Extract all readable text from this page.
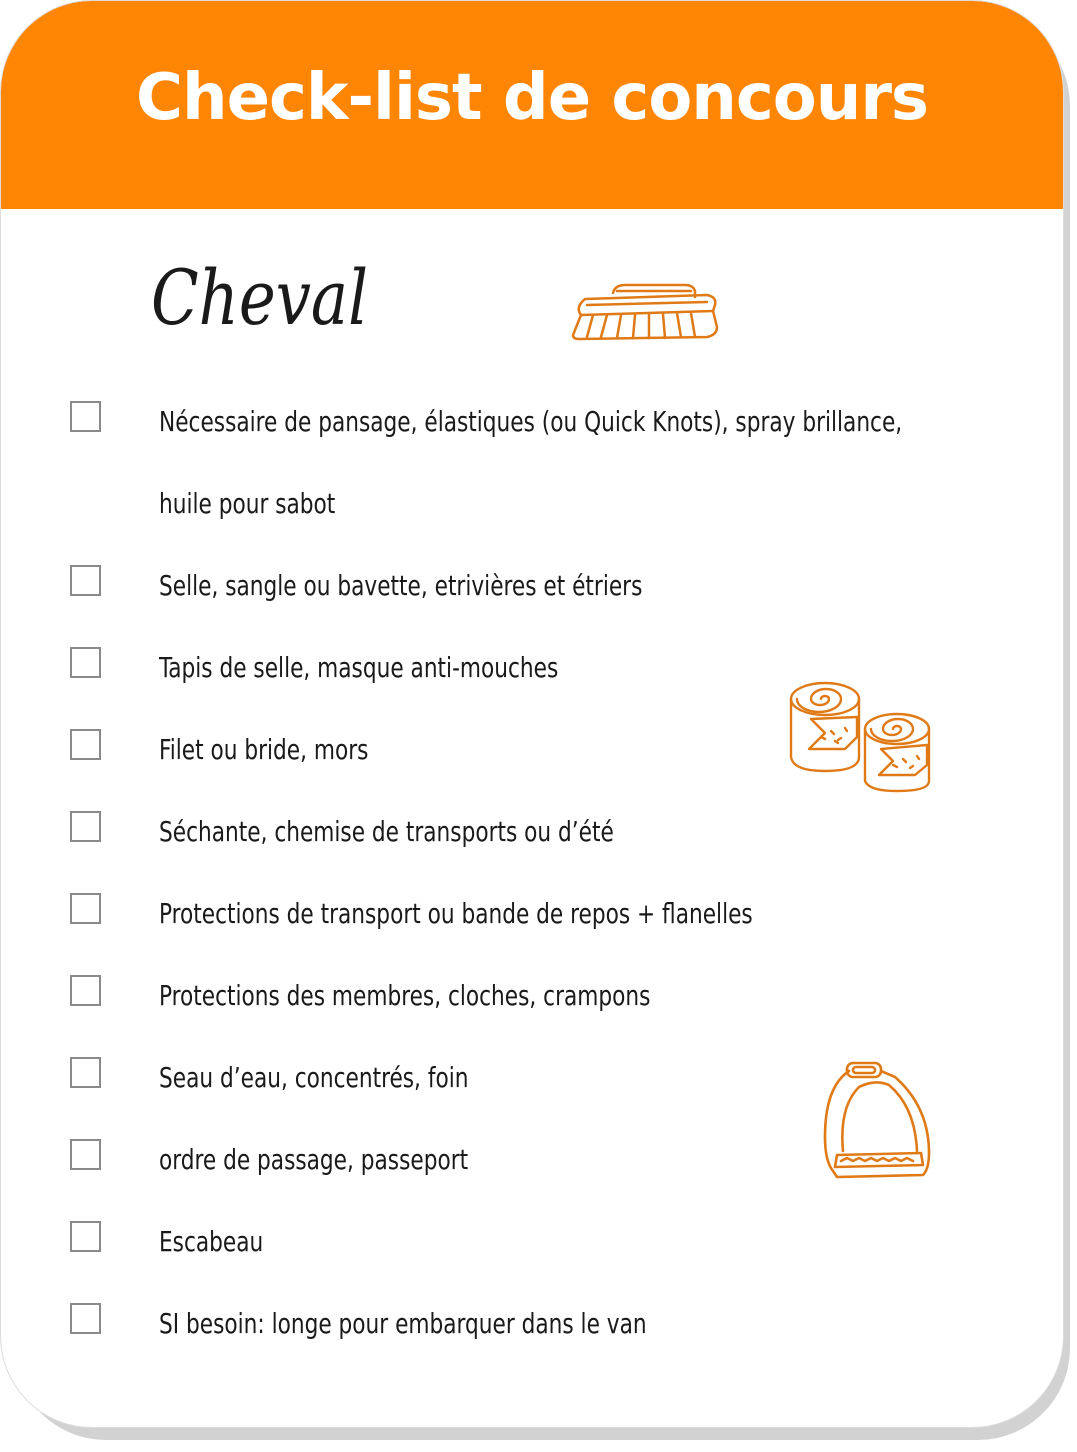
Check-list de concours
Cheval
Nécessaire de pansage, élastiques (ou Quick Knots), spray brillance, huile pour sabot
Selle, sangle ou bavette, etrivières et étriers
Tapis de selle, masque anti-mouches
Filet ou bride, mors
Séchante, chemise de transports ou d’été
Protections de transport ou bande de repos + flanelles
Protections des membres, cloches, crampons
Seau d’eau, concentrés, foin
ordre de passage, passeport
Escabeau
SI besoin: longe pour embarquer dans le van
